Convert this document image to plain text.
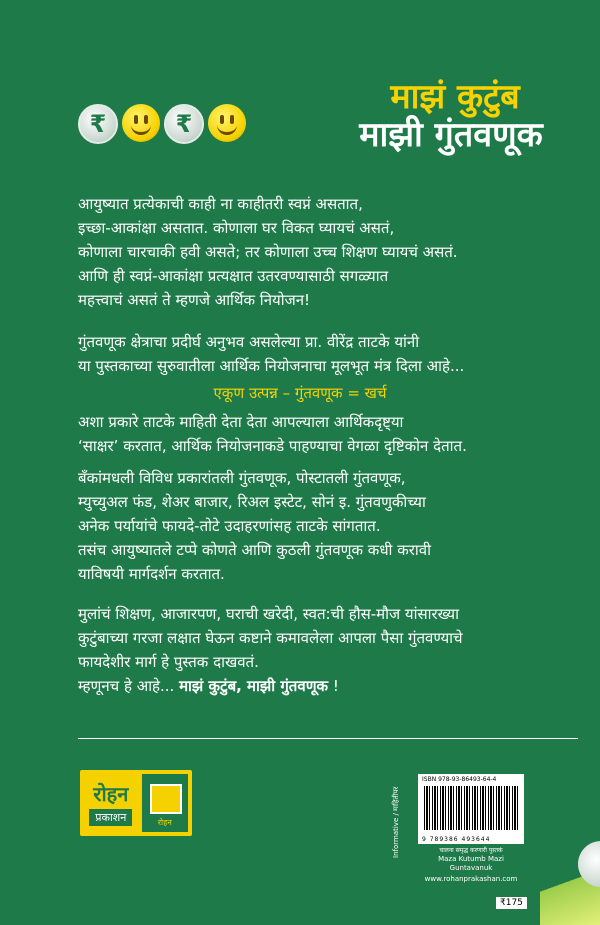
माझं कुटुंब
माझी गुंतवणूक
₹	₹

आयुष्यात प्रत्येकाची काही ना काहीतरी स्वप्नं असतात,
इच्छा-आकांक्षा असतात. कोणाला घर विकत घ्यायचं असतं,
कोणाला चारचाकी हवी असते; तर कोणाला उच्च शिक्षण घ्यायचं असतं.
आणि ही स्वप्नं-आकांक्षा प्रत्यक्षात उतरवण्यासाठी सगळ्यात
महत्त्वाचं असतं ते म्हणजे आर्थिक नियोजन!

गुंतवणूक क्षेत्राचा प्रदीर्घ अनुभव असलेल्या प्रा. वीरेंद्र ताटके यांनी
या पुस्तकाच्या सुरुवातीला आर्थिक नियोजनाचा मूलभूत मंत्र दिला आहे...

एकूण उत्पन्न – गुंतवणूक = खर्च

अशा प्रकारे ताटके माहिती देता देता आपल्याला आर्थिकदृष्ट्या
‘साक्षर’ करतात, आर्थिक नियोजनाकडे पाहण्याचा वेगळा दृष्टिकोन देतात.

बँकांमधली विविध प्रकारांतली गुंतवणूक, पोस्टातली गुंतवणूक,
म्युच्युअल फंड, शेअर बाजार, रिअल इस्टेट, सोनं इ. गुंतवणुकीच्या
अनेक पर्यायांचे फायदे-तोटे उदाहरणांसह ताटके सांगतात.
तसंच आयुष्यातले टप्पे कोणते आणि कुठली गुंतवणूक कधी करावी
याविषयी मार्गदर्शन करतात.

मुलांचं शिक्षण, आजारपण, घराची खरेदी, स्वत:ची हौस-मौज यांसारख्या
कुटुंबाच्या गरजा लक्षात घेऊन कष्टाने कमावलेला आपला पैसा गुंतवण्याचे
फायदेशीर मार्ग हे पुस्तक दाखवतं.
म्हणूनच हे आहे... माझं कुटुंब, माझी गुंतवणूक !

रोहन
प्रकाशन	रोहन	Informative / माहितीपर
ISBN 978-93-86493-64-4
9 789386 493644
चालना समृद्ध करणारी पुस्तकं
Maza Kutumb Mazi Guntavanuk
www.rohanprakashan.com
₹175
